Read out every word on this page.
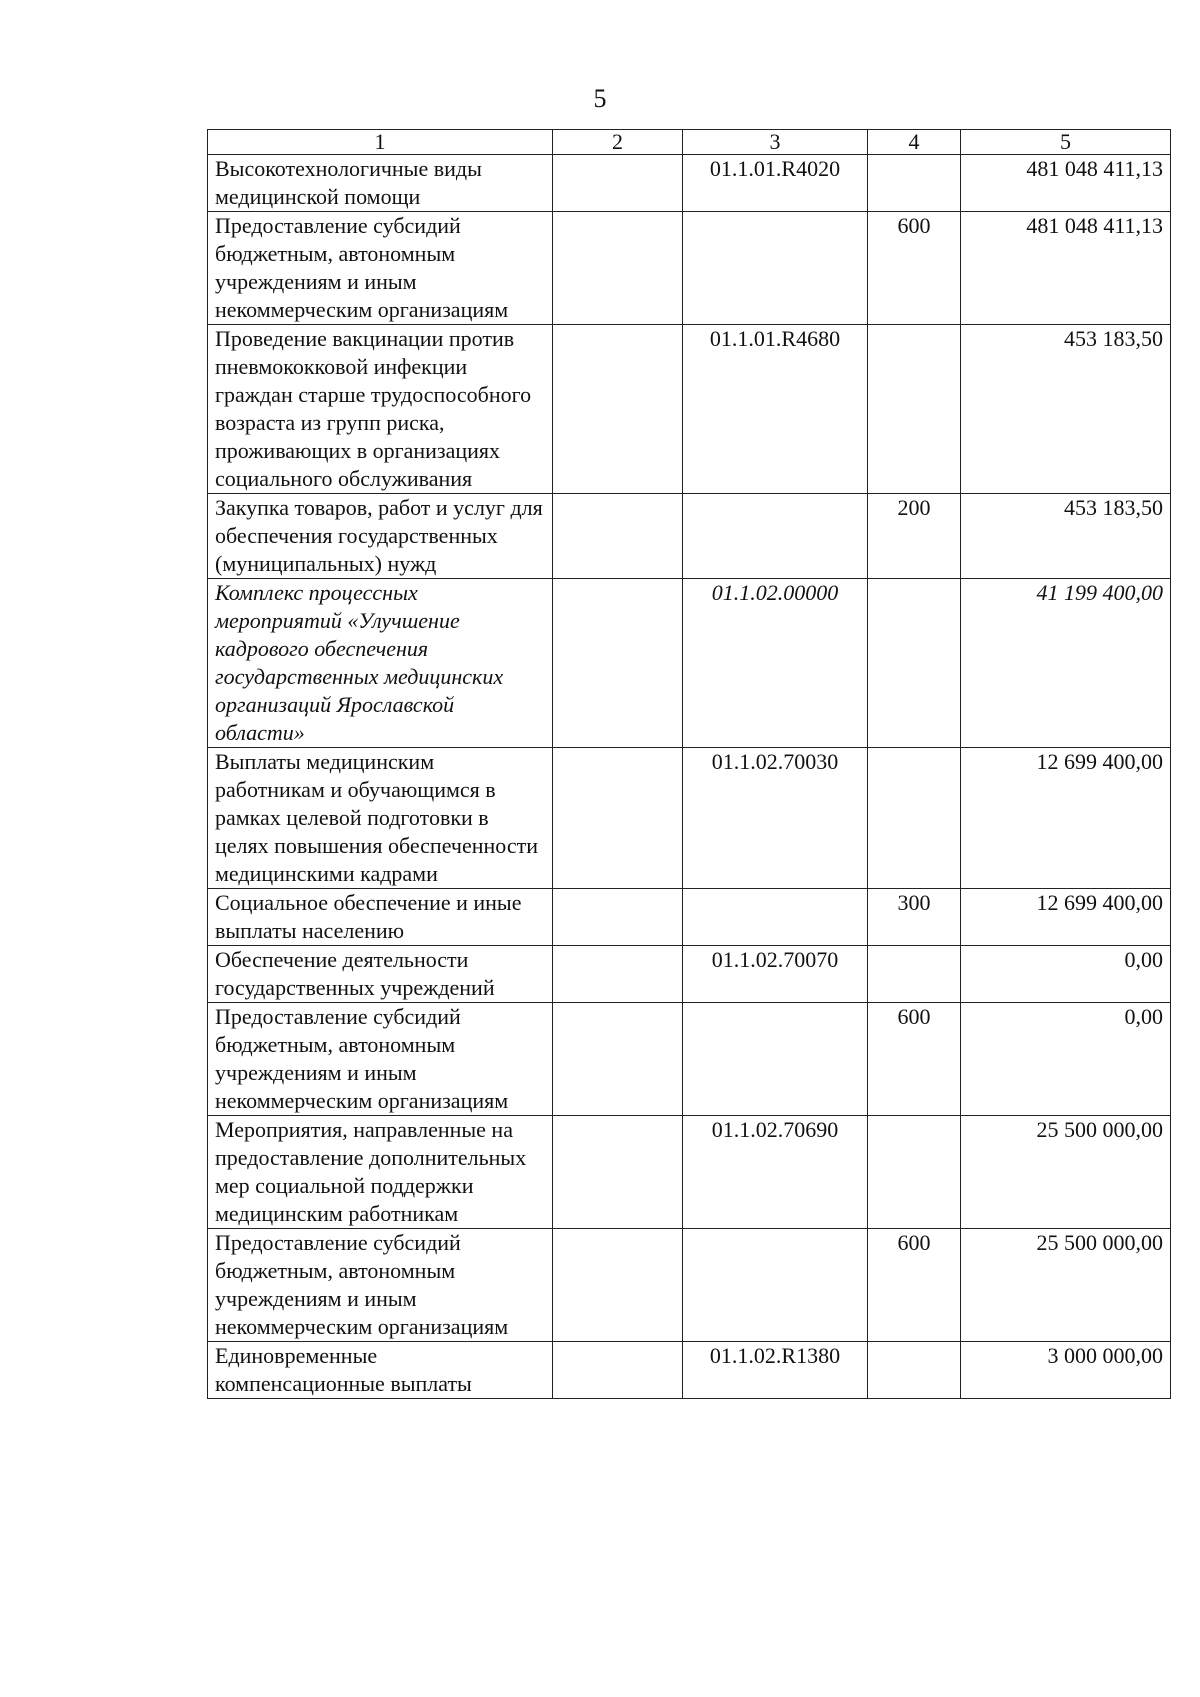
5
1	2	3	4	5
Высокотехнологичные виды медицинской помощи		01.1.01.R4020		481 048 411,13
Предоставление субсидий бюджетным, автономным учреждениям и иным некоммерческим организациям			600	481 048 411,13
Проведение вакцинации против пневмококковой инфекции граждан старше трудоспособного возраста из групп риска, проживающих в организациях социального обслуживания		01.1.01.R4680		453 183,50
Закупка товаров, работ и услуг для обеспечения государственных (муниципальных) нужд			200	453 183,50
Комплекс процессных мероприятий «Улучшение кадрового обеспечения государственных медицинских организаций Ярославской области»		01.1.02.00000		41 199 400,00
Выплаты медицинским работникам и обучающимся в рамках целевой подготовки в целях повышения обеспеченности медицинскими кадрами		01.1.02.70030		12 699 400,00
Социальное обеспечение и иные выплаты населению			300	12 699 400,00
Обеспечение деятельности государственных учреждений		01.1.02.70070		0,00
Предоставление субсидий бюджетным, автономным учреждениям и иным некоммерческим организациям			600	0,00
Мероприятия, направленные на предоставление дополнительных мер социальной поддержки медицинским работникам		01.1.02.70690		25 500 000,00
Предоставление субсидий бюджетным, автономным учреждениям и иным некоммерческим организациям			600	25 500 000,00
Единовременные компенсационные выплаты		01.1.02.R1380		3 000 000,00
